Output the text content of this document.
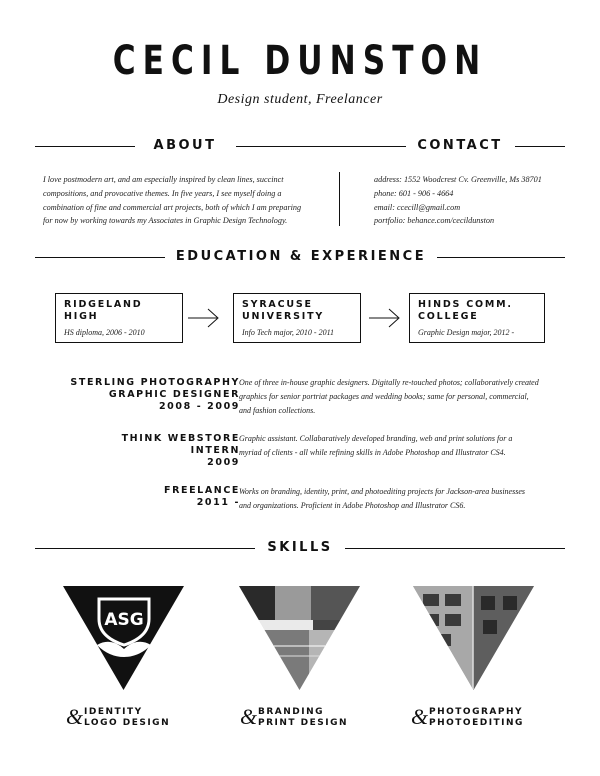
CECIL DUNSTON
Design student, Freelancer
ABOUT	CONTACT
I love postmodern art, and am especially inspired by clean lines, succinct
compositions, and provocative themes. In five years, I see myself doing a
combination of fine and commercial art projects, both of which I am preparing
for now by working towards my Associates in Graphic Design Technology.
address: 1552 Woodcrest Cv. Greenville, Ms 38701
phone: 601 - 906 - 4664
email: ccecill@gmail.com
portfolio: behance.com/cecildunston
EDUCATION & EXPERIENCE
RIDGELAND
HIGH
HS diploma, 2006 - 2010
SYRACUSE
UNIVERSITY
Info Tech major, 2010 - 2011
HINDS COMM.
COLLEGE
Graphic Design major, 2012 -
STERLING PHOTOGRAPHY
GRAPHIC DESIGNER
2008 - 2009
One of three in-house graphic designers. Digitally re-touched photos; collaboratively created
graphics for senior portriat packages and wedding books; same for personal, commercial,
and fashion collections.
THINK WEBSTORE
INTERN
2009
Graphic assistant. Collabaratively developed branding, web and print solutions for a
myriad of clients - all while refining skills in Adobe Photoshop and Illustrator CS4.
FREELANCE
2011 -
Works on branding, identity, print, and photoediting projects for Jackson-area businesses
and organizations. Proficient in Adobe Photoshop and Illustrator CS6.
SKILLS
ASG
& IDENTITY
LOGO DESIGN	& BRANDING
PRINT DESIGN	& PHOTOGRAPHY
PHOTOEDITING
